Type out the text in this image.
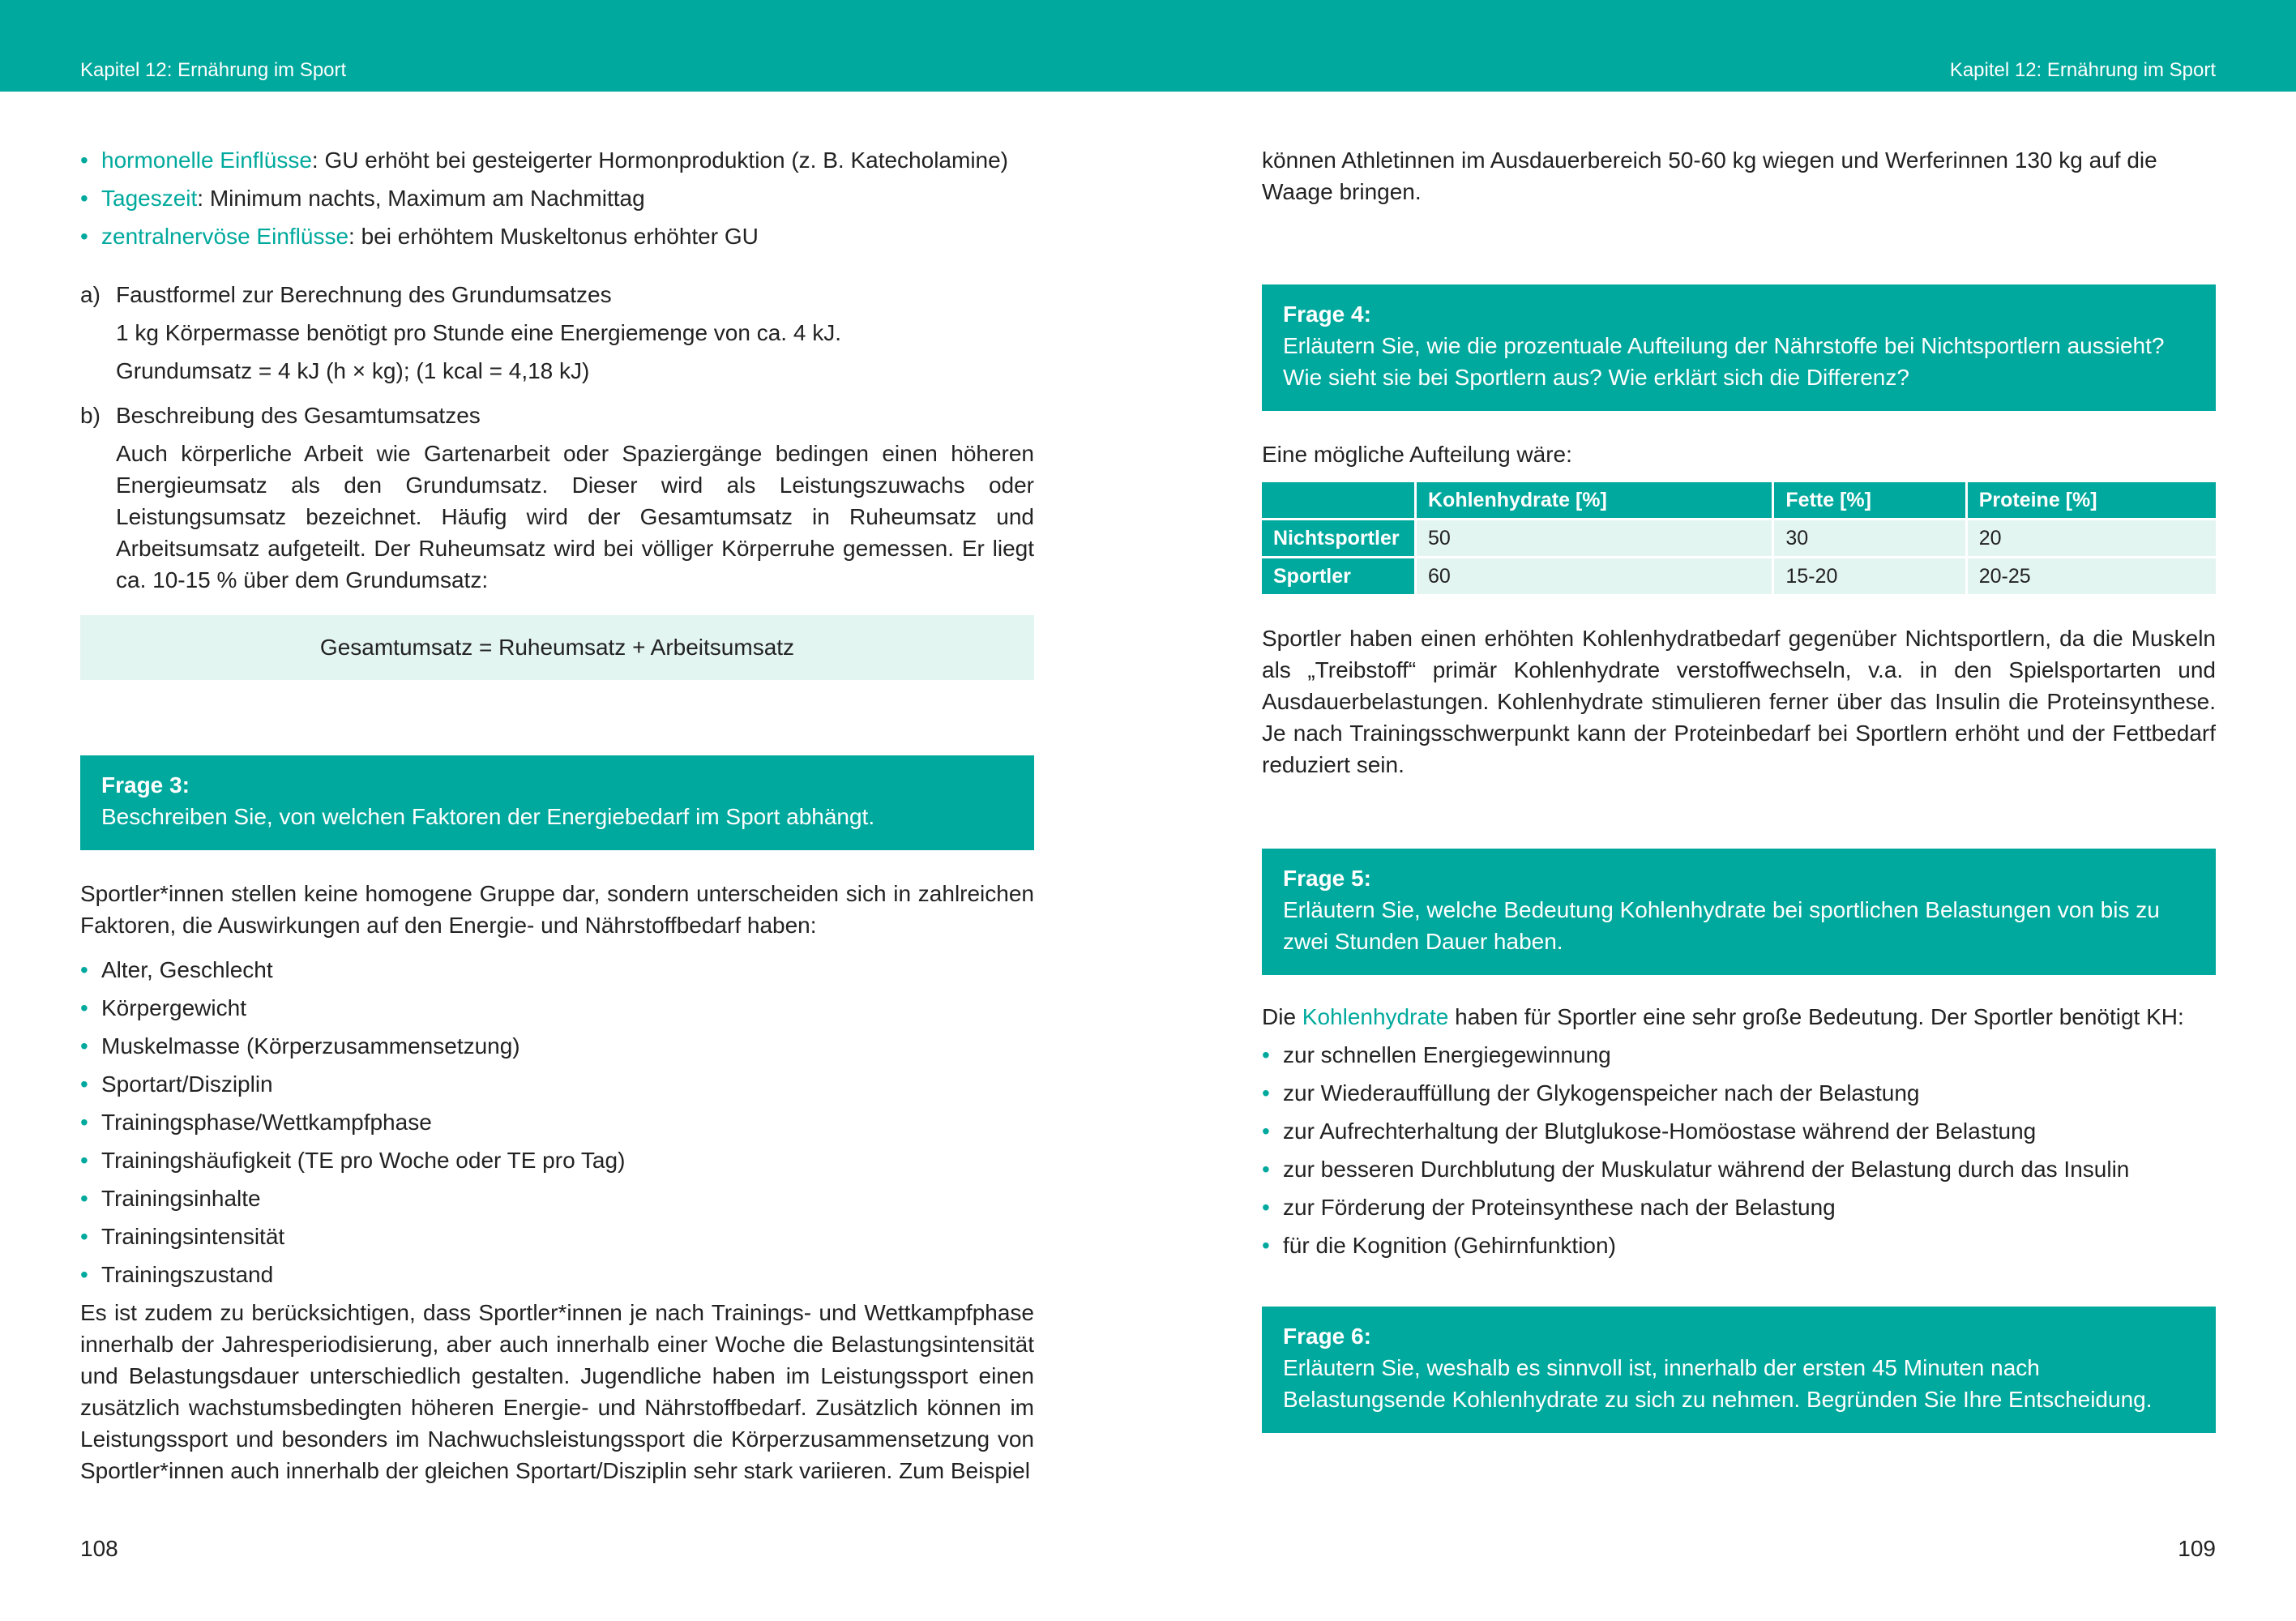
Kapitel 12: Ernährung im Sport	Kapitel 12: Ernährung im Sport
• hormonelle Einflüsse: GU erhöht bei gesteigerter Hormonproduktion (z. B. Katecholamine)
• Tageszeit: Minimum nachts, Maximum am Nachmittag
• zentralnervöse Einflüsse: bei erhöhtem Muskeltonus erhöhter GU
a) Faustformel zur Berechnung des Grundumsatzes

1 kg Körpermasse benötigt pro Stunde eine Energiemenge von ca. 4 kJ.

Grundumsatz = 4 kJ (h × kg); (1 kcal = 4,18 kJ)

b) Beschreibung des Gesamtumsatzes

Auch körperliche Arbeit wie Gartenarbeit oder Spaziergänge bedingen einen höheren Energieumsatz als den Grundumsatz. Dieser wird als Leistungszuwachs oder Leistungsumsatz bezeichnet. Häufig wird der Gesamtumsatz in Ruheumsatz und Arbeitsumsatz aufgeteilt. Der Ruheumsatz wird bei völliger Körperruhe gemessen. Er liegt ca. 10-15 % über dem Grundumsatz:

Gesamtumsatz = Ruheumsatz + Arbeitsumsatz

Frage 3:

Beschreiben Sie, von welchen Faktoren der Energiebedarf im Sport abhängt.

Sportler*innen stellen keine homogene Gruppe dar, sondern unterscheiden sich in zahlreichen Faktoren, die Auswirkungen auf den Energie- und Nährstoffbedarf haben:

• Alter, Geschlecht
• Körpergewicht
• Muskelmasse (Körperzusammensetzung)
• Sportart/Disziplin
• Trainingsphase/Wettkampfphase
• Trainingshäufigkeit (TE pro Woche oder TE pro Tag)
• Trainingsinhalte
• Trainingsintensität
• Trainingszustand

Es ist zudem zu berücksichtigen, dass Sportler*innen je nach Trainings- und Wettkampfphase innerhalb der Jahresperiodisierung, aber auch innerhalb einer Woche die Belastungsintensität und Belastungsdauer unterschiedlich gestalten. Jugendliche haben im Leistungssport einen zusätzlich wachstumsbedingten höheren Energie- und Nährstoffbedarf. Zusätzlich können im Leistungssport und besonders im Nachwuchsleistungssport die Körperzusammensetzung von Sportler*innen auch innerhalb der gleichen Sportart/Disziplin sehr stark variieren. Zum Beispiel

108

können Athletinnen im Ausdauerbereich 50-60 kg wiegen und Werferinnen 130 kg auf die Waage bringen.

Frage 4:

Erläutern Sie, wie die prozentuale Aufteilung der Nährstoffe bei Nichtsportlern aussieht? Wie sieht sie bei Sportlern aus? Wie erklärt sich die Differenz?

Eine mögliche Aufteilung wäre:

	Kohlenhydrate [%]	Fette [%]	Proteine [%]
Nichtsportler	50	30	20
Sportler	60	15-20	20-25

Sportler haben einen erhöhten Kohlenhydratbedarf gegenüber Nichtsportlern, da die Muskeln als „Treibstoff“ primär Kohlenhydrate verstoffwechseln, v.a. in den Spielsportarten und Ausdauerbelastungen. Kohlenhydrate stimulieren ferner über das Insulin die Proteinsynthese. Je nach Trainingsschwerpunkt kann der Proteinbedarf bei Sportlern erhöht und der Fettbedarf reduziert sein.

Frage 5:

Erläutern Sie, welche Bedeutung Kohlenhydrate bei sportlichen Belastungen von bis zu zwei Stunden Dauer haben.

Die Kohlenhydrate haben für Sportler eine sehr große Bedeutung. Der Sportler benötigt KH:

• zur schnellen Energiegewinnung
• zur Wiederauffüllung der Glykogenspeicher nach der Belastung
• zur Aufrechterhaltung der Blutglukose-Homöostase während der Belastung
• zur besseren Durchblutung der Muskulatur während der Belastung durch das Insulin
• zur Förderung der Proteinsynthese nach der Belastung
• für die Kognition (Gehirnfunktion)

Frage 6:

Erläutern Sie, weshalb es sinnvoll ist, innerhalb der ersten 45 Minuten nach Belastungsende Kohlenhydrate zu sich zu nehmen. Begründen Sie Ihre Entscheidung.

109
